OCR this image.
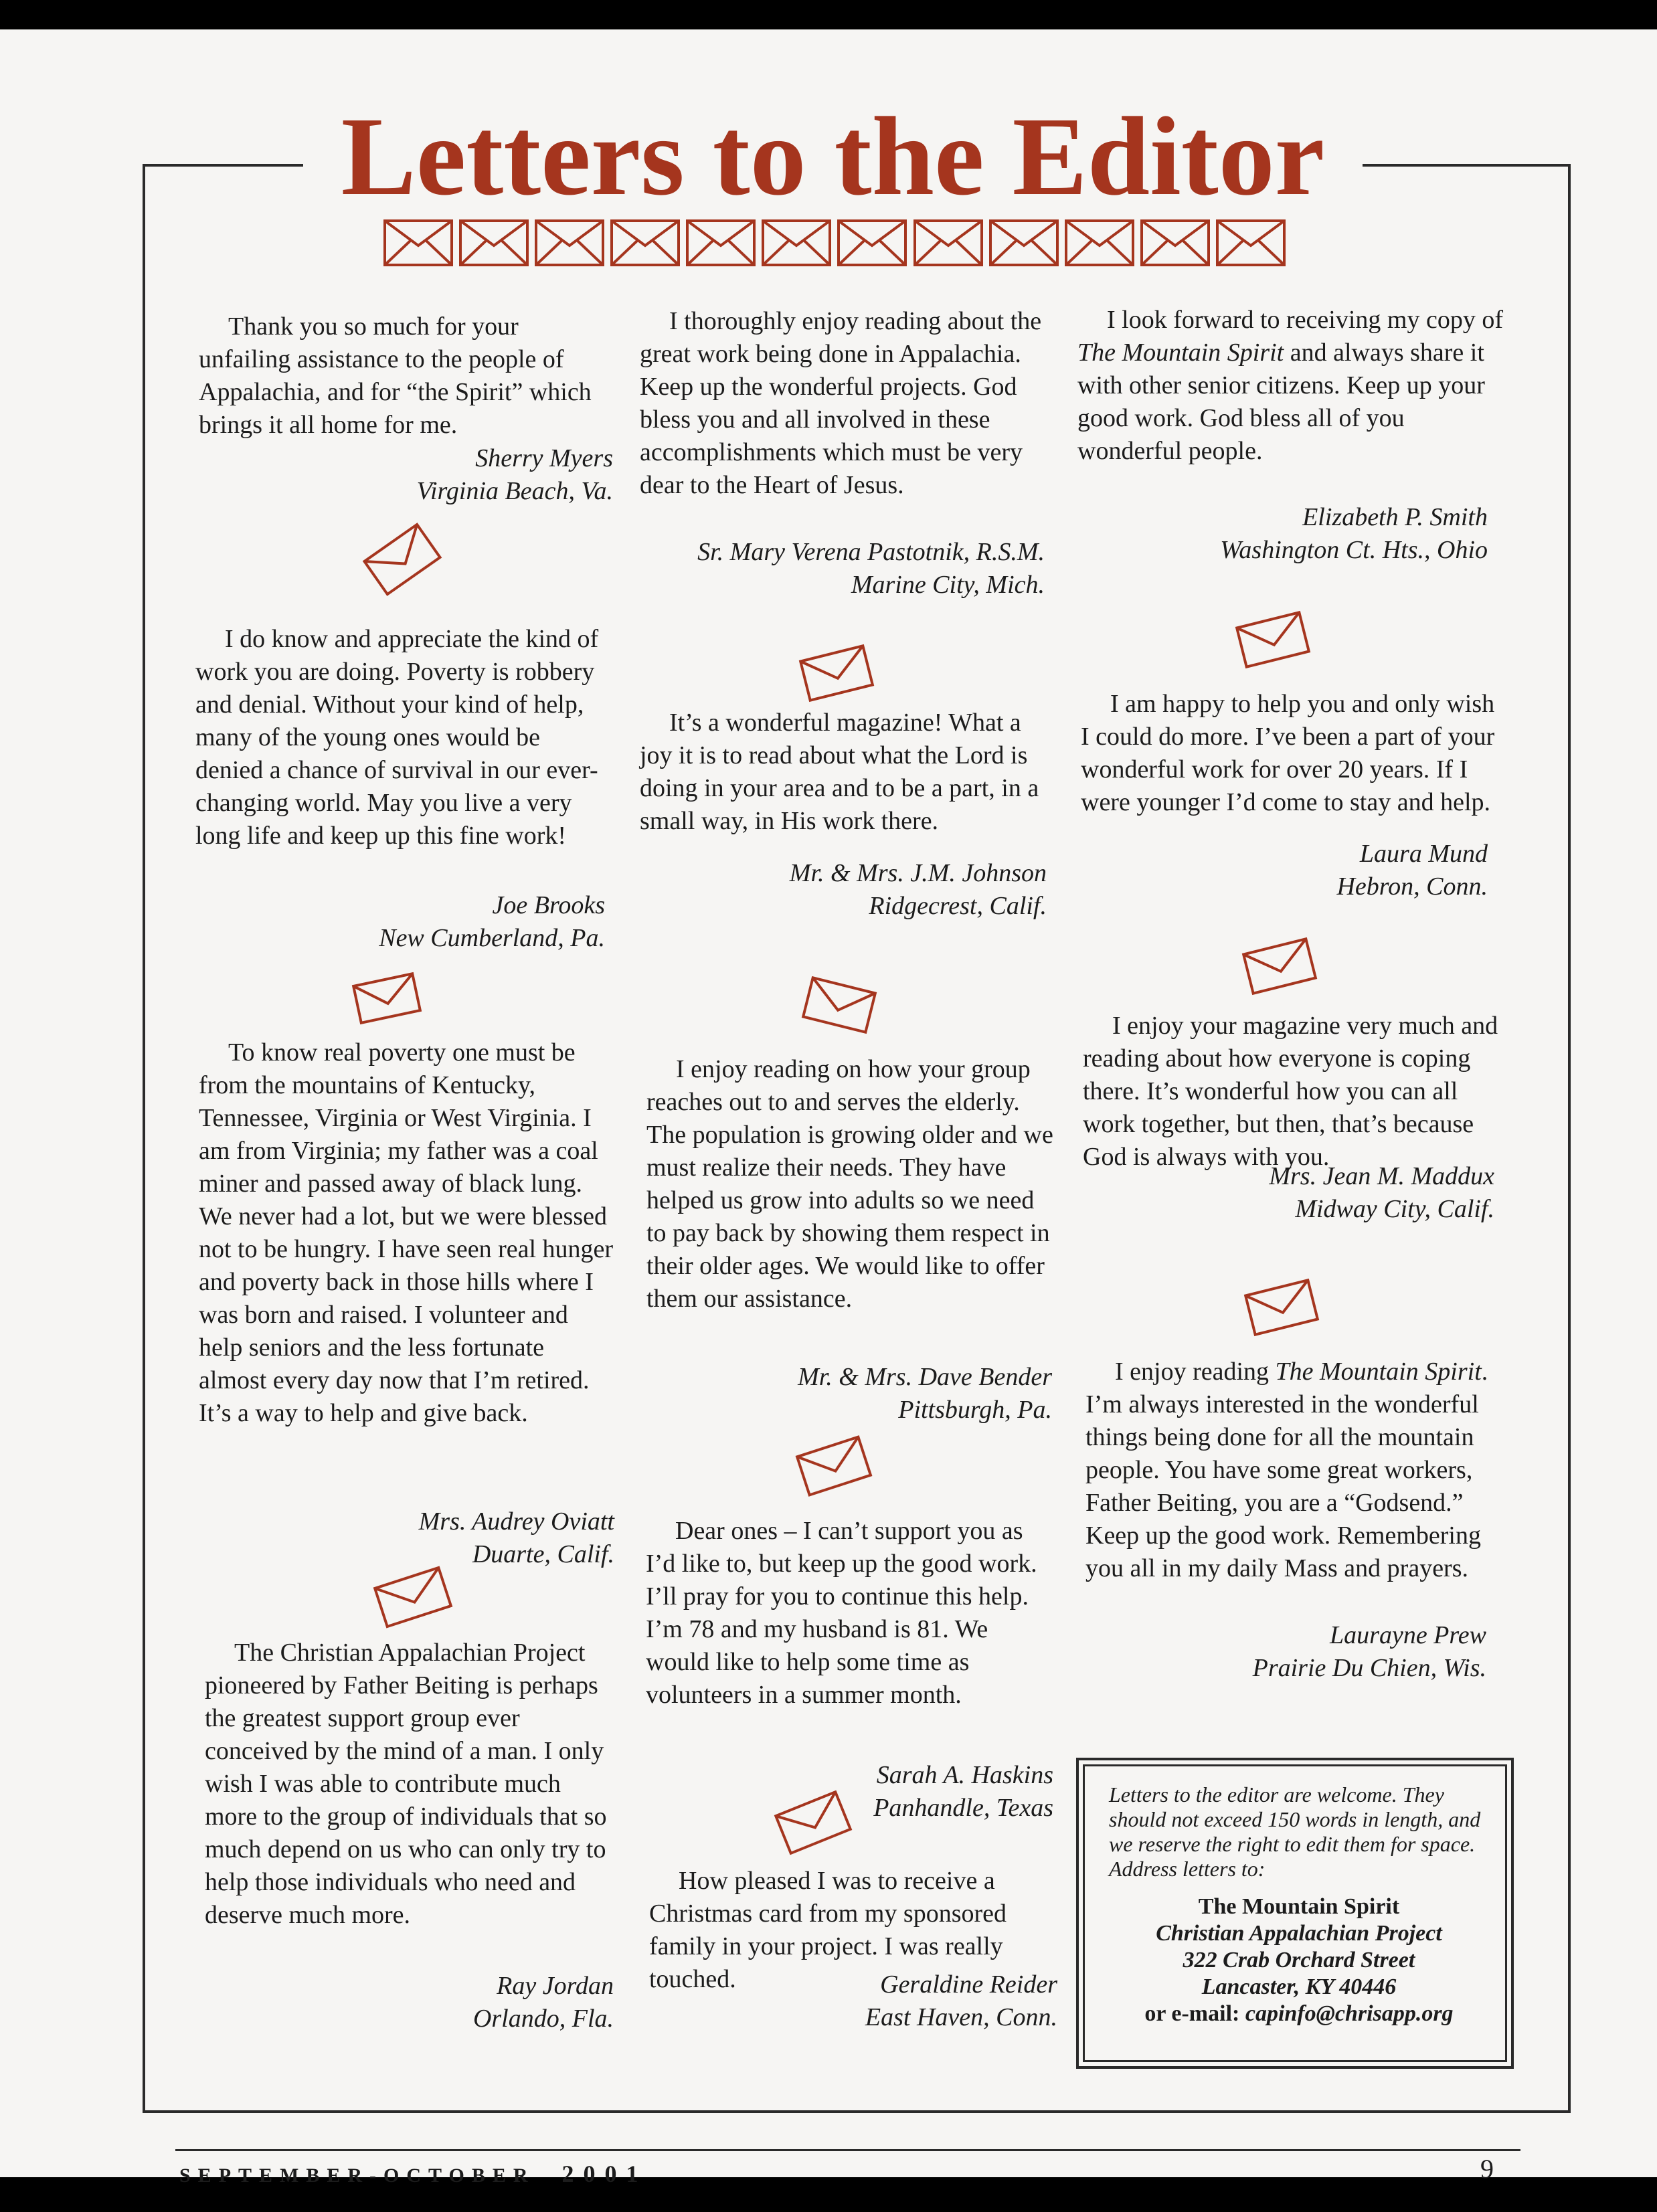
Letters to the Editor

Thank you so much for your unfailing assistance to the people of Appalachia, and for “the Spirit” which brings it all home for me.

Sherry Myers
Virginia Beach, Va.

I do know and appreciate the kind of work you are doing. Poverty is robbery and denial. Without your kind of help, many of the young ones would be denied a chance of survival in our ever-changing world. May you live a very long life and keep up this fine work!

Joe Brooks
New Cumberland, Pa.

To know real poverty one must be from the mountains of Kentucky, Tennessee, Virginia or West Virginia. I am from Virginia; my father was a coal miner and passed away of black lung. We never had a lot, but we were blessed not to be hungry. I have seen real hunger and poverty back in those hills where I was born and raised. I volunteer and help seniors and the less fortunate almost every day now that I’m retired. It’s a way to help and give back.

Mrs. Audrey Oviatt
Duarte, Calif.

The Christian Appalachian Project pioneered by Father Beiting is perhaps the greatest support group ever conceived by the mind of a man. I only wish I was able to contribute much more to the group of individuals that so much depend on us who can only try to help those individuals who need and deserve much more.

Ray Jordan
Orlando, Fla.

I thoroughly enjoy reading about the great work being done in Appalachia. Keep up the wonderful projects. God bless you and all involved in these accomplishments which must be very dear to the Heart of Jesus.

Sr. Mary Verena Pastotnik, R.S.M.
Marine City, Mich.

It’s a wonderful magazine! What a joy it is to read about what the Lord is doing in your area and to be a part, in a small way, in His work there.

Mr. & Mrs. J.M. Johnson
Ridgecrest, Calif.

I enjoy reading on how your group reaches out to and serves the elderly. The population is growing older and we must realize their needs. They have helped us grow into adults so we need to pay back by showing them respect in their older ages. We would like to offer them our assistance.

Mr. & Mrs. Dave Bender
Pittsburgh, Pa.

Dear ones – I can’t support you as I’d like to, but keep up the good work. I’ll pray for you to continue this help. I’m 78 and my husband is 81. We would like to help some time as volunteers in a summer month.

Sarah A. Haskins
Panhandle, Texas

How pleased I was to receive a Christmas card from my sponsored family in your project. I was really touched.	Geraldine Reider
East Haven, Conn.

I look forward to receiving my copy of The Mountain Spirit and always share it with other senior citizens. Keep up your good work. God bless all of you wonderful people.

Elizabeth P. Smith
Washington Ct. Hts., Ohio

I am happy to help you and only wish I could do more. I’ve been a part of your wonderful work for over 20 years. If I were younger I’d come to stay and help.

Laura Mund
Hebron, Conn.

I enjoy your magazine very much and reading about how everyone is coping there. It’s wonderful how you can all work together, but then, that’s because God is always with you.

Mrs. Jean M. Maddux
Midway City, Calif.

I enjoy reading The Mountain Spirit. I’m always interested in the wonderful things being done for all the mountain people. You have some great workers, Father Beiting, you are a “Godsend.” Keep up the good work. Remembering you all in my daily Mass and prayers.

Laurayne Prew
Prairie Du Chien, Wis.

Letters to the editor are welcome. They should not exceed 150 words in length, and we reserve the right to edit them for space. Address letters to:

The Mountain Spirit
Christian Appalachian Project
322 Crab Orchard Street
Lancaster, KY 40446
or e-mail: capinfo@chrisapp.org
SEPTEMBER-OCTOBER 2001	9
